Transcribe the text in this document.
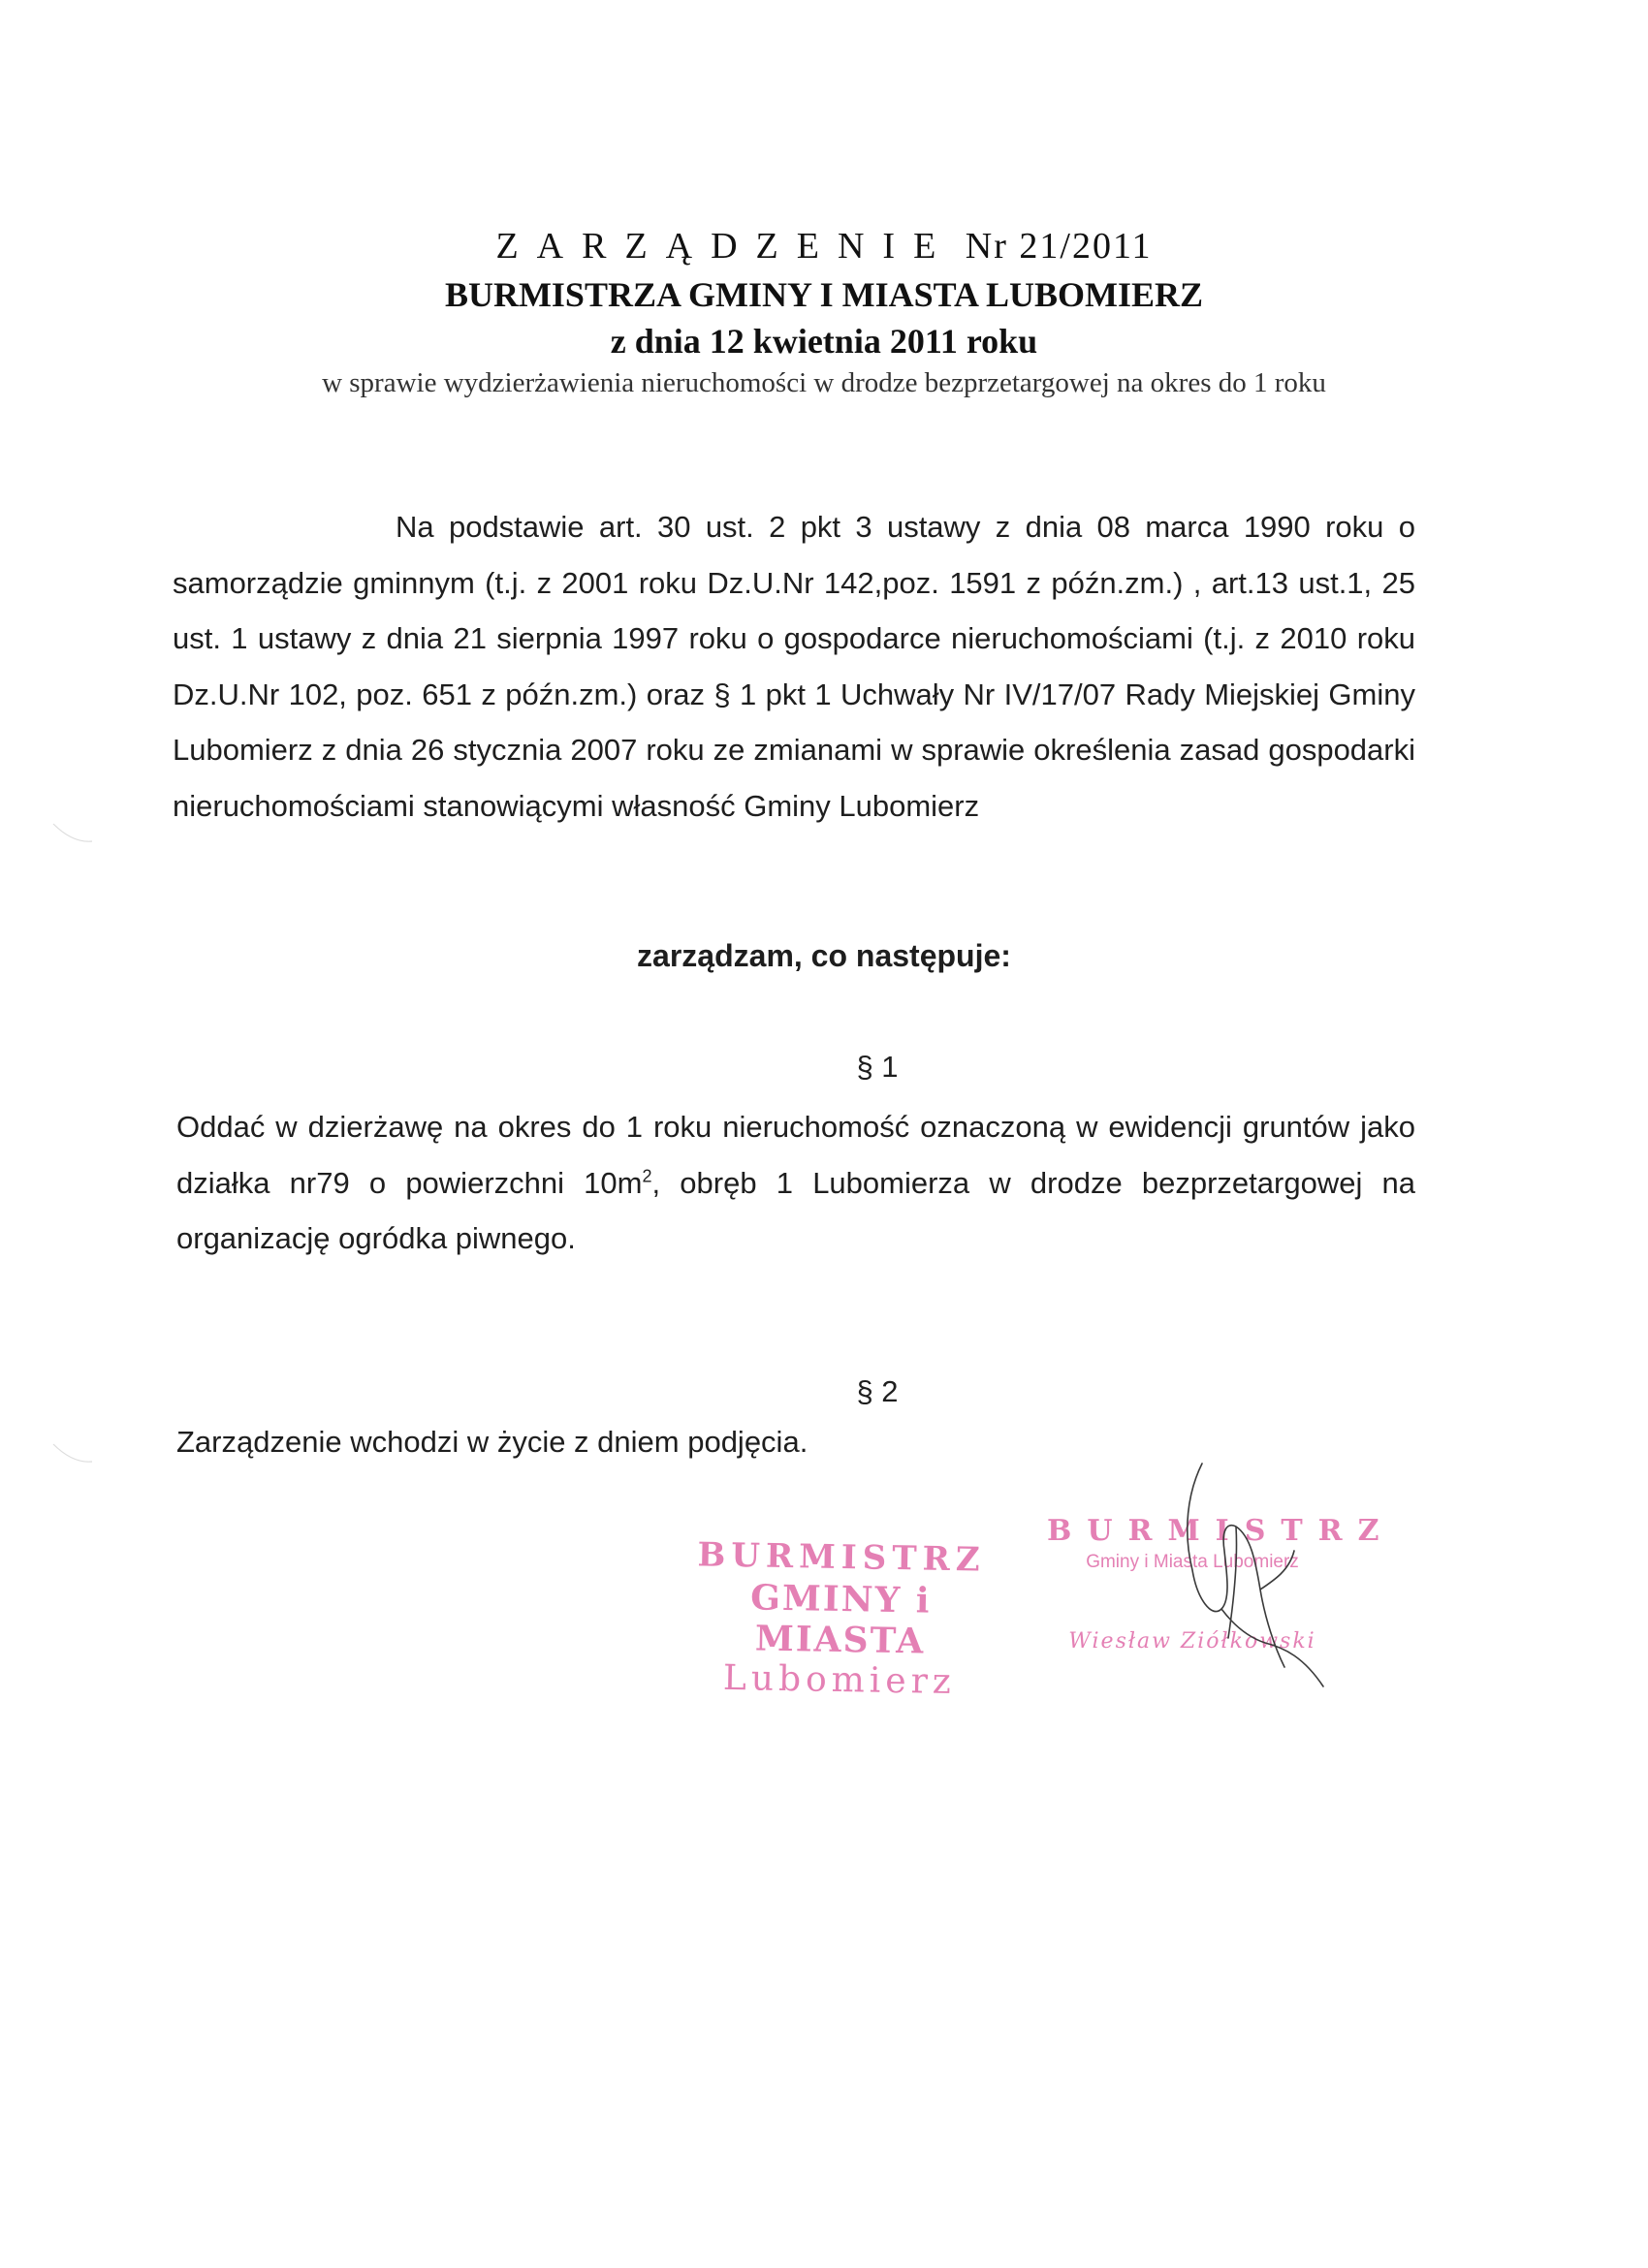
ZARZĄDZENIE Nr 21/2011
BURMISTRZA GMINY I MIASTA LUBOMIERZ
z dnia 12 kwietnia 2011 roku
w sprawie wydzierżawienia nieruchomości w drodze bezprzetargowej na okres do 1 roku
Na podstawie art. 30 ust. 2 pkt 3 ustawy z dnia 08 marca 1990 roku o samorządzie gminnym (t.j. z 2001 roku Dz.U.Nr 142,poz. 1591 z późn.zm.) , art.13 ust.1, 25 ust. 1 ustawy z dnia 21 sierpnia 1997 roku o gospodarce nieruchomościami (t.j. z 2010 roku Dz.U.Nr 102, poz. 651 z późn.zm.) oraz § 1 pkt 1 Uchwały Nr IV/17/07 Rady Miejskiej Gminy Lubomierz z dnia 26 stycznia 2007 roku ze zmianami w sprawie określenia zasad gospodarki nieruchomościami stanowiącymi własność Gminy Lubomierz
zarządzam, co następuje:
§ 1
Oddać w dzierżawę na okres do 1 roku nieruchomość oznaczoną w ewidencji gruntów jako działka nr79 o powierzchni $10m^2$, obręb 1 Lubomierza w drodze bezprzetargowej na organizację ogródka piwnego.
§ 2
Zarządzenie wchodzi w życie z dniem podjęcia.
BURMISTRZ
GMINY i MIASTA
Lubomierz
BURMISTRZ
Gminy i Miasta Lubomierz
Wiesław Ziółkowski
